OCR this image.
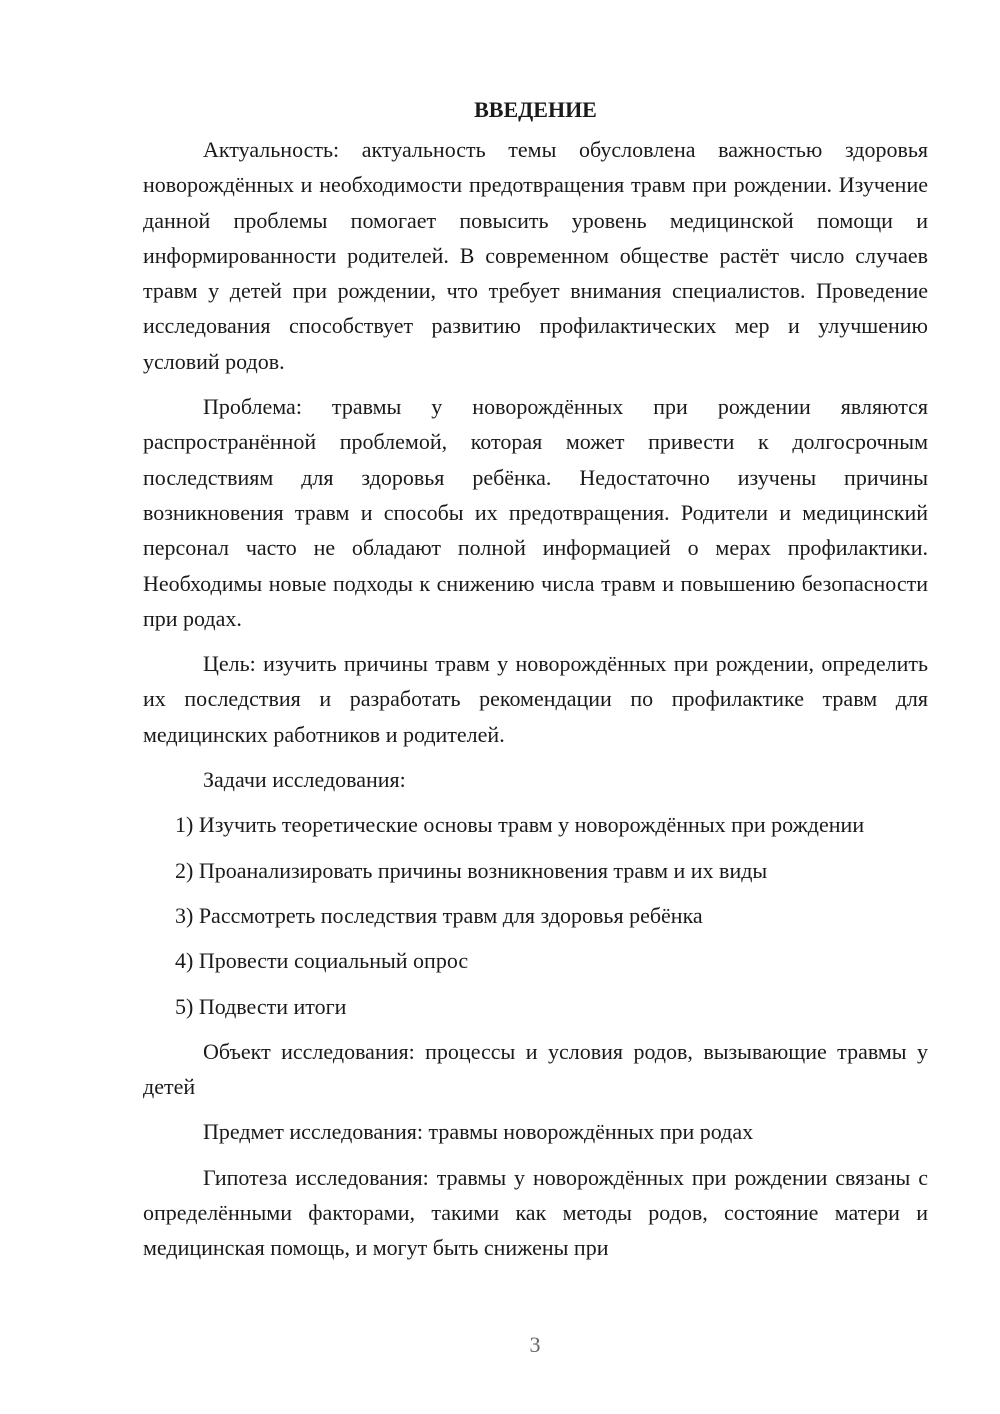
ВВЕДЕНИЕ

Актуальность: актуальность темы обусловлена важностью здоровья новорождённых и необходимости предотвращения травм при рождении. Изучение данной проблемы помогает повысить уровень медицинской помощи и информированности родителей. В современном обществе растёт число случаев травм у детей при рождении, что требует внимания специалистов. Проведение исследования способствует развитию профилактических мер и улучшению условий родов.

Проблема: травмы у новорождённых при рождении являются распространённой проблемой, которая может привести к долгосрочным последствиям для здоровья ребёнка. Недостаточно изучены причины возникновения травм и способы их предотвращения. Родители и медицинский персонал часто не обладают полной информацией о мерах профилактики. Необходимы новые подходы к снижению числа травм и повышению безопасности при родах.

Цель: изучить причины травм у новорождённых при рождении, определить их последствия и разработать рекомендации по профилактике травм для медицинских работников и родителей.

Задачи исследования:

1) Изучить теоретические основы травм у новорождённых при рождении
2) Проанализировать причины возникновения травм и их виды
3) Рассмотреть последствия травм для здоровья ребёнка
4) Провести социальный опрос
5) Подвести итоги

Объект исследования: процессы и условия родов, вызывающие травмы у детей

Предмет исследования: травмы новорождённых при родах

Гипотеза исследования: травмы у новорождённых при рождении связаны с определёнными факторами, такими как методы родов, состояние матери и медицинская помощь, и могут быть снижены при

3
